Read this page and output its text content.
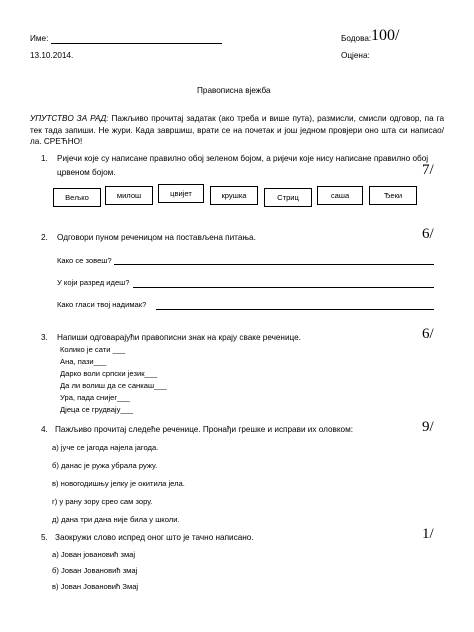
Име:	Бодова: 100/
13.10.2014.	Оцјена:
Правописна вјежба
УПУТСТВО ЗА РАД: Пажљиво прочитај задатак (ако треба и више пута), размисли, смисли одговор, па га тек тада запиши. Не жури. Када завршиш, врати се на почетак и још једном провјери оно шта си написао/ла. СРЕЋНО!
1. Ријечи које су написане правилно обој зеленом бојом, а ријечи које нису написане правилно обој
црвеном бојом.	7/
Вељко	милош	цвијет	крушка	Стриц	саша	Ђеки
2. Одговори пуном реченицом на постављена питања.	6/
Како се зовеш?
У који разред идеш?
Како гласи твој надимак?
3. Напиши одговарајући правописни знак на крају сваке реченице.	6/
Колико је сати ___
Ана, пази___
Дарко воли српски језик___
Да ли волиш да се санкаш___
Ура, пада снијег___
Дјеца се грудвају___
4. Пажљиво прочитај следеће реченице. Пронађи грешке и исправи их оловком:	9/
а) јуче се јагода најела јагода.
б) данас је ружа убрала ружу.
в) новогодишњу јелку је окитила јела.
г) у рану зору среo сам зору.
д) дана три дана није била у школи.
5. Заокружи слово испред оног што је тачно написано.	1/
а) Јован јовановић змај
б) Јован Јовановић змај
в) Јован Јовановић Змај
